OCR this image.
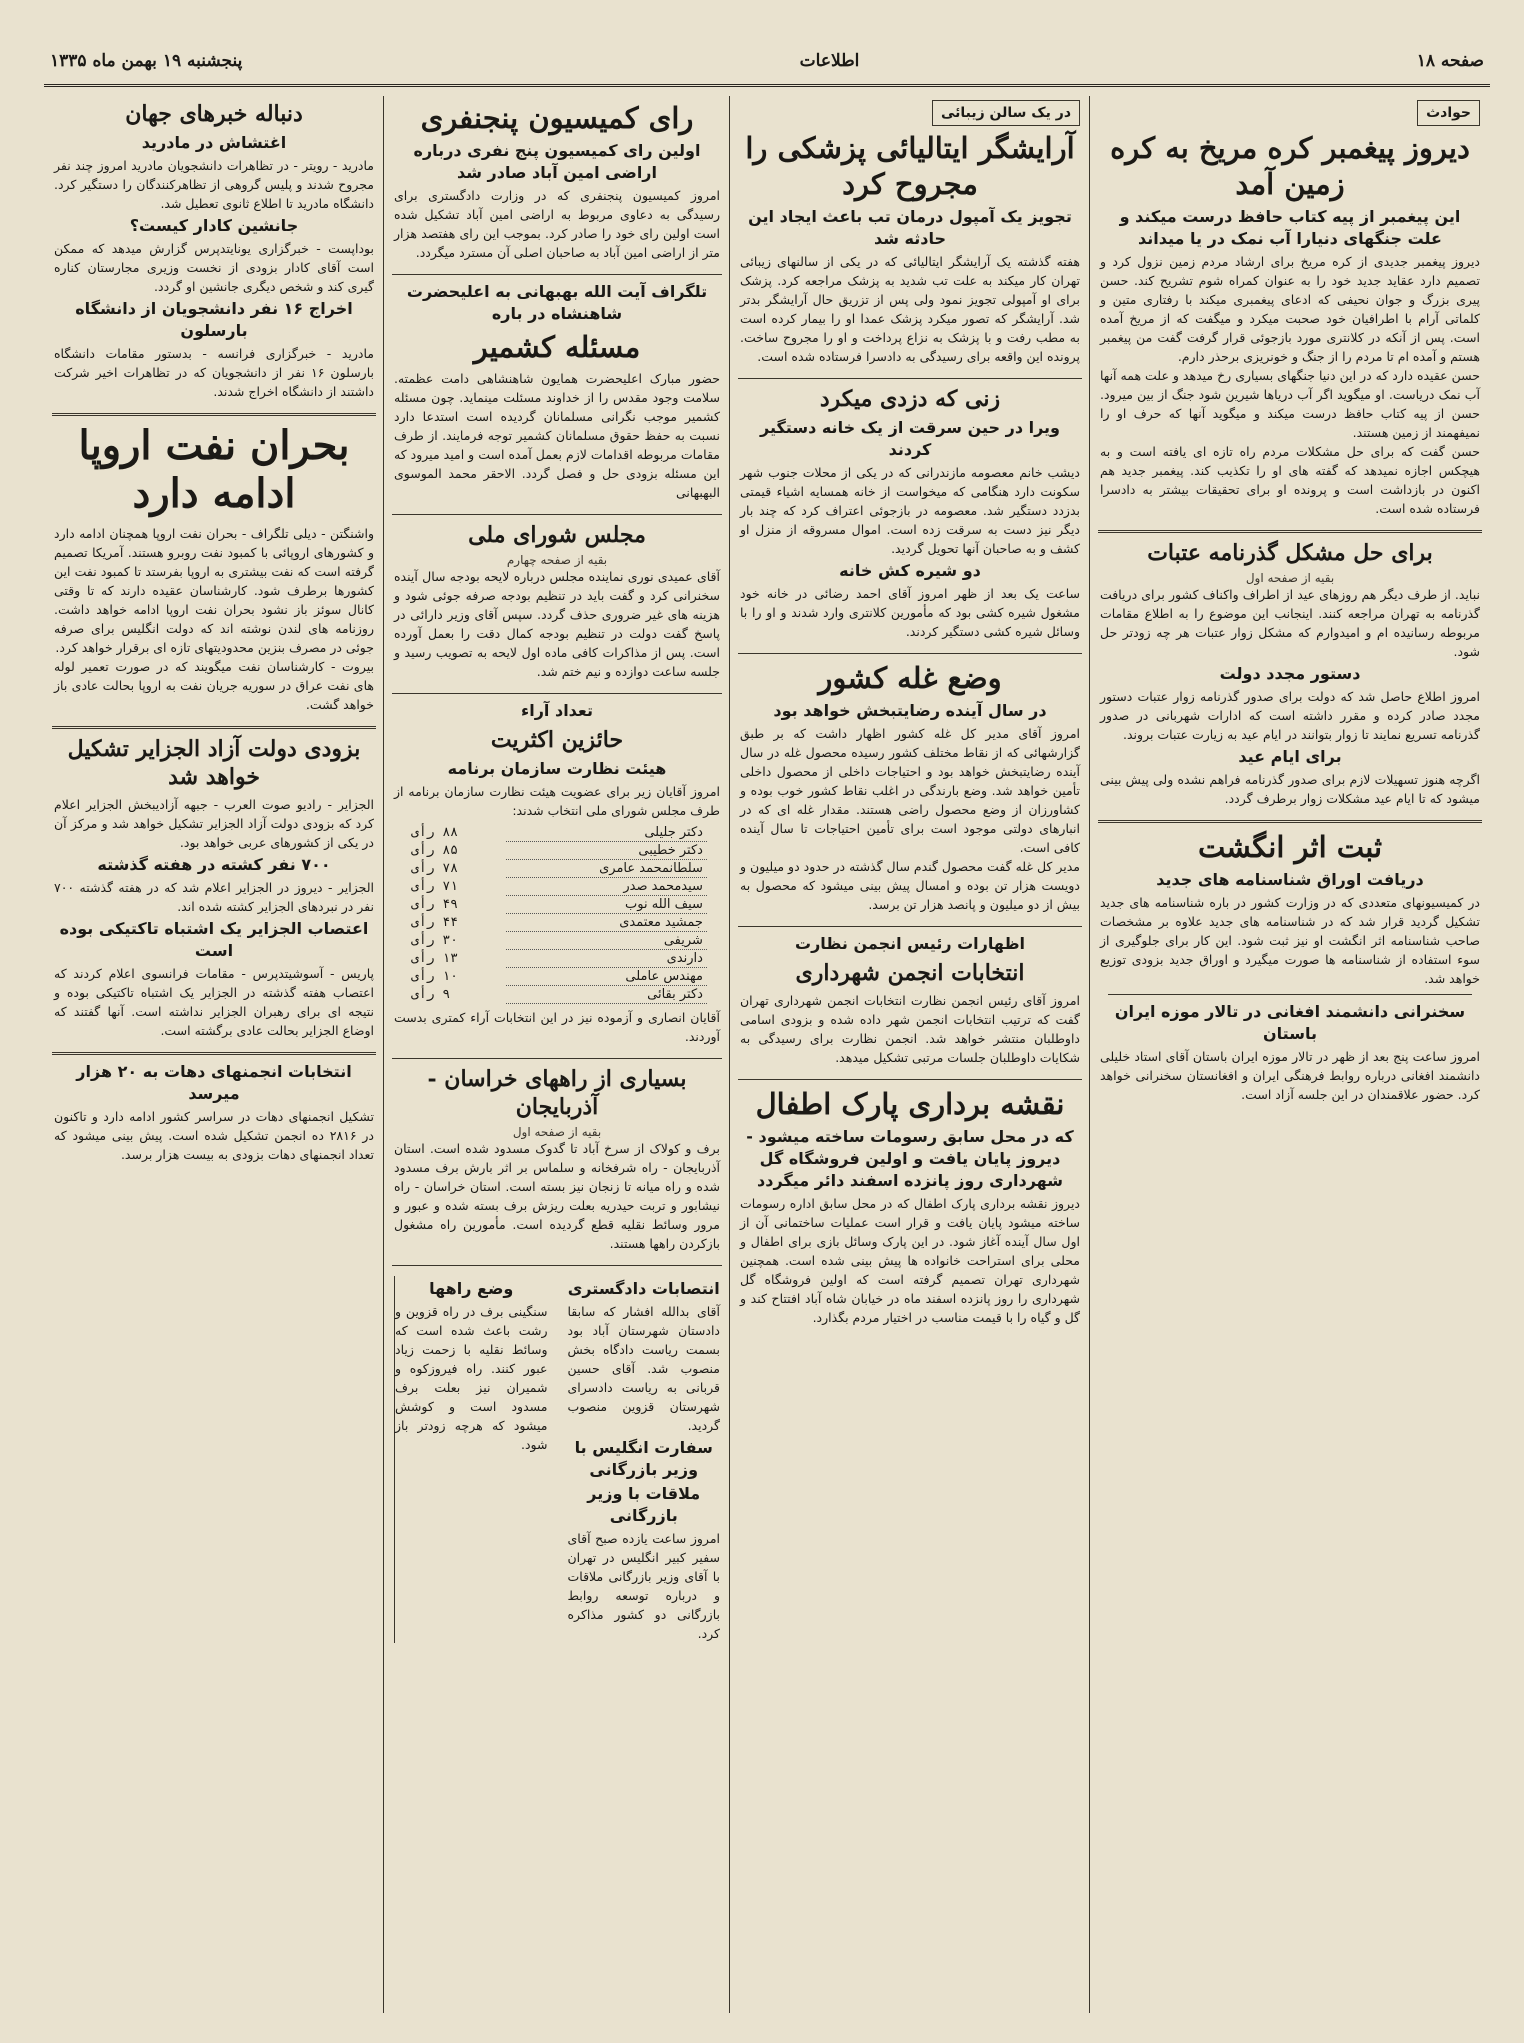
صفحه ۱۸
اطلاعات
پنجشنبه ۱۹ بهمن ماه ۱۳۳۵
حوادث
دیروز پیغمبر کره مریخ به کره زمین آمد
این پیغمبر از پیه کتاب حافظ درست میکند و علت جنگهای دنیارا آب نمک در یا میداند
دیروز پیغمبر جدیدی از کره مریخ برای ارشاد مردم زمین نزول کرد و تصمیم دارد عقاید جدید خود را به عنوان کمراه شوم تشریح کند. حسن پیری بزرگ و جوان نحیفی که ادعای پیغمبری میکند با رفتاری متین و کلماتی آرام با اطرافیان خود صحبت میکرد و میگفت که از مریخ آمده است. پس از آنکه در کلانتری مورد بازجوئی قرار گرفت گفت من پیغمبر هستم و آمده ام تا مردم را از جنگ و خونریزی برحذر دارم.
حسن عقیده دارد که در این دنیا جنگهای بسیاری رخ میدهد و علت همه آنها آب نمک دریاست. او میگوید اگر آب دریاها شیرین شود جنگ از بین میرود. حسن از پیه کتاب حافظ درست میکند و میگوید آنها که حرف او را نمیفهمند از زمین هستند.
حسن گفت که برای حل مشکلات مردم راه تازه ای یافته است و به هیچکس اجازه نمیدهد که گفته های او را تکذیب کند. پیغمبر جدید هم اکنون در بازداشت است و پرونده او برای تحقیقات بیشتر به دادسرا فرستاده شده است.
برای حل مشکل گذرنامه عتبات
بقیه از صفحه اول
نباید. از طرف دیگر هم روزهای عید از اطراف واکناف کشور برای دریافت گذرنامه به تهران مراجعه کنند. اینجانب این موضوع را به اطلاع مقامات مربوطه رسانیده ام و امیدوارم که مشکل زوار عتبات هر چه زودتر حل شود.
دستور مجدد دولت
امروز اطلاع حاصل شد که دولت برای صدور گذرنامه زوار عتبات دستور مجدد صادر کرده و مقرر داشته است که ادارات شهربانی در صدور گذرنامه تسریع نمایند تا زوار بتوانند در ایام عید به زیارت عتبات بروند.
برای ایام عید
اگرچه هنوز تسهیلات لازم برای صدور گذرنامه فراهم نشده ولی پیش بینی میشود که تا ایام عید مشکلات زوار برطرف گردد.
ثبت اثر انگشت
دریافت اوراق شناسنامه های جدید
در کمیسیونهای متعددی که در وزارت کشور در باره شناسنامه های جدید تشکیل گردید قرار شد که در شناسنامه های جدید علاوه بر مشخصات صاحب شناسنامه اثر انگشت او نیز ثبت شود. این کار برای جلوگیری از سوء استفاده از شناسنامه ها صورت میگیرد و اوراق جدید بزودی توزیع خواهد شد.
سخنرانی دانشمند افغانی در تالار موزه ایران باستان
امروز ساعت پنج بعد از ظهر در تالار موزه ایران باستان آقای استاد خلیلی دانشمند افغانی درباره روابط فرهنگی ایران و افغانستان سخنرانی خواهد کرد. حضور علاقمندان در این جلسه آزاد است.
در یک سالن زیبائی
آرایشگر ایتالیائی پزشکی را مجروح کرد
تجویز یک آمپول درمان تب باعث ایجاد این حادثه شد
هفته گذشته یک آرایشگر ایتالیائی که در یکی از سالنهای زیبائی تهران کار میکند به علت تب شدید به پزشک مراجعه کرد. پزشک برای او آمپولی تجویز نمود ولی پس از تزریق حال آرایشگر بدتر شد. آرایشگر که تصور میکرد پزشک عمدا او را بیمار کرده است به مطب رفت و با پزشک به نزاع پرداخت و او را مجروح ساخت. پرونده این واقعه برای رسیدگی به دادسرا فرستاده شده است.
زنی که دزدی میکرد
ویرا در حین سرقت از یک خانه دستگیر کردند
دیشب خانم معصومه مازندرانی که در یکی از محلات جنوب شهر سکونت دارد هنگامی که میخواست از خانه همسایه اشیاء قیمتی بدزدد دستگیر شد. معصومه در بازجوئی اعتراف کرد که چند بار دیگر نیز دست به سرقت زده است. اموال مسروقه از منزل او کشف و به صاحبان آنها تحویل گردید.
دو شیره کش خانه
ساعت یک بعد از ظهر امروز آقای احمد رضائی در خانه خود مشغول شیره کشی بود که مأمورین کلانتری وارد شدند و او را با وسائل شیره کشی دستگیر کردند.
وضع غله کشور
در سال آینده رضایتبخش خواهد بود
امروز آقای مدیر کل غله کشور اظهار داشت که بر طبق گزارشهائی که از نقاط مختلف کشور رسیده محصول غله در سال آینده رضایتبخش خواهد بود و احتیاجات داخلی از محصول داخلی تأمین خواهد شد. وضع بارندگی در اغلب نقاط کشور خوب بوده و کشاورزان از وضع محصول راضی هستند. مقدار غله ای که در انبارهای دولتی موجود است برای تأمین احتیاجات تا سال آینده کافی است.
مدیر کل غله گفت محصول گندم سال گذشته در حدود دو میلیون و دویست هزار تن بوده و امسال پیش بینی میشود که محصول به بیش از دو میلیون و پانصد هزار تن برسد.
اظهارات رئیس انجمن نظارت
انتخابات انجمن شهرداری
امروز آقای رئیس انجمن نظارت انتخابات انجمن شهرداری تهران گفت که ترتیب انتخابات انجمن شهر داده شده و بزودی اسامی داوطلبان منتشر خواهد شد. انجمن نظارت برای رسیدگی به شکایات داوطلبان جلسات مرتبی تشکیل میدهد.
نقشه برداری پارک اطفال
که در محل سابق رسومات ساخته میشود - دیروز پایان یافت و اولین فروشگاه گل شهرداری روز پانزده اسفند دائر میگردد
دیروز نقشه برداری پارک اطفال که در محل سابق اداره رسومات ساخته میشود پایان یافت و قرار است عملیات ساختمانی آن از اول سال آینده آغاز شود. در این پارک وسائل بازی برای اطفال و محلی برای استراحت خانواده ها پیش بینی شده است. همچنین شهرداری تهران تصمیم گرفته است که اولین فروشگاه گل شهرداری را روز پانزده اسفند ماه در خیابان شاه آباد افتتاح کند و گل و گیاه را با قیمت مناسب در اختیار مردم بگذارد.
رای کمیسیون پنجنفری
اولین رای کمیسیون پنج نفری درباره اراضی امین آباد صادر شد
امروز کمیسیون پنجنفری که در وزارت دادگستری برای رسیدگی به دعاوی مربوط به اراضی امین آباد تشکیل شده است اولین رای خود را صادر کرد. بموجب این رای هفتصد هزار متر از اراضی امین آباد به صاحبان اصلی آن مسترد میگردد.
تلگراف آیت الله بهبهانی به اعلیحضرت شاهنشاه در باره
مسئله کشمیر
حضور مبارک اعلیحضرت همایون شاهنشاهی دامت عظمته. سلامت وجود مقدس را از خداوند مسئلت مینماید. چون مسئله کشمیر موجب نگرانی مسلمانان گردیده است استدعا دارد نسبت به حفظ حقوق مسلمانان کشمیر توجه فرمایند. از طرف مقامات مربوطه اقدامات لازم بعمل آمده است و امید میرود که این مسئله بزودی حل و فصل گردد. الاحقر محمد الموسوی البهبهانی
مجلس شورای ملی
بقیه از صفحه چهارم
آقای عمیدی نوری نماینده مجلس درباره لایحه بودجه سال آینده سخنرانی کرد و گفت باید در تنظیم بودجه صرفه جوئی شود و هزینه های غیر ضروری حذف گردد. سپس آقای وزیر دارائی در پاسخ گفت دولت در تنظیم بودجه کمال دقت را بعمل آورده است. پس از مذاکرات کافی ماده اول لایحه به تصویب رسید و جلسه ساعت دوازده و نیم ختم شد.
تعداد آراء
حائزین اکثریت
هیئت نظارت سازمان برنامه
امروز آقایان زیر برای عضویت هیئت نظارت سازمان برنامه از طرف مجلس شورای ملی انتخاب شدند:
دکتر جلیلی	۸۸ رأی
دکتر خطیبی	۸۵ رأی
سلطانمحمد عامری	۷۸ رأی
سیدمحمد صدر	۷۱ رأی
سیف الله نوب	۴۹ رأی
جمشید معتمدی	۴۴ رأی
شریفی	۳۰ رأی
دارندی	۱۳ رأی
مهندس عاملی	۱۰ رأی
دکتر بقائی	۹ رأی
آقایان انصاری و آزموده نیز در این انتخابات آراء کمتری بدست آوردند.
بسیاری از راههای خراسان - آذربایجان
بقیه از صفحه اول
برف و کولاک از سرخ آباد تا گدوک مسدود شده است. استان آذربایجان - راه شرفخانه و سلماس بر اثر بارش برف مسدود شده و راه میانه تا زنجان نیز بسته است. استان خراسان - راه نیشابور و تربت حیدریه بعلت ریزش برف بسته شده و عبور و مرور وسائط نقلیه قطع گردیده است. مأمورین راه مشغول بازکردن راهها هستند.
انتصابات دادگستری
آقای بدالله افشار که سابقا دادستان شهرستان آباد بود بسمت ریاست دادگاه بخش منصوب شد. آقای حسین قربانی به ریاست دادسرای شهرستان قزوین منصوب گردید.
سفارت انگلیس با وزیر بازرگانی
ملاقات با وزیر بازرگانی
امروز ساعت یازده صبح آقای سفیر کبیر انگلیس در تهران با آقای وزیر بازرگانی ملاقات و درباره توسعه روابط بازرگانی دو کشور مذاکره کرد.
وضع راهها
سنگینی برف در راه قزوین و رشت باعث شده است که وسائط نقلیه با زحمت زیاد عبور کنند. راه فیروزکوه و شمیران نیز بعلت برف مسدود است و کوشش میشود که هرچه زودتر باز شود.
دنباله خبرهای جهان
اغتشاش در مادرید
مادرید - رویتر - در تظاهرات دانشجویان مادرید امروز چند نفر مجروح شدند و پلیس گروهی از تظاهرکنندگان را دستگیر کرد. دانشگاه مادرید تا اطلاع ثانوی تعطیل شد.
جانشین کادار کیست؟
بوداپست - خبرگزاری یونایتدپرس گزارش میدهد که ممکن است آقای کادار بزودی از نخست وزیری مجارستان کناره گیری کند و شخص دیگری جانشین او گردد.
اخراج ۱۶ نفر دانشجویان از دانشگاه بارسلون
مادرید - خبرگزاری فرانسه - بدستور مقامات دانشگاه بارسلون ۱۶ نفر از دانشجویان که در تظاهرات اخیر شرکت داشتند از دانشگاه اخراج شدند.
بحران نفت اروپا ادامه دارد
واشنگتن - دیلی تلگراف - بحران نفت اروپا همچنان ادامه دارد و کشورهای اروپائی با کمبود نفت روبرو هستند. آمریکا تصمیم گرفته است که نفت بیشتری به اروپا بفرستد تا کمبود نفت این کشورها برطرف شود. کارشناسان عقیده دارند که تا وقتی کانال سوئز باز نشود بحران نفت اروپا ادامه خواهد داشت. روزنامه های لندن نوشته اند که دولت انگلیس برای صرفه جوئی در مصرف بنزین محدودیتهای تازه ای برقرار خواهد کرد.
بیروت - کارشناسان نفت میگویند که در صورت تعمیر لوله های نفت عراق در سوریه جریان نفت به اروپا بحالت عادی باز خواهد گشت.
بزودی دولت آزاد الجزایر تشکیل خواهد شد
الجزایر - رادیو صوت العرب - جبهه آزادیبخش الجزایر اعلام کرد که بزودی دولت آزاد الجزایر تشکیل خواهد شد و مرکز آن در یکی از کشورهای عربی خواهد بود.
۷۰۰ نفر کشته در هفته گذشته
الجزایر - دیروز در الجزایر اعلام شد که در هفته گذشته ۷۰۰ نفر در نبردهای الجزایر کشته شده اند.
اعتصاب الجزایر یک اشتباه تاکتیکی بوده است
پاریس - آسوشیتدپرس - مقامات فرانسوی اعلام کردند که اعتصاب هفته گذشته در الجزایر یک اشتباه تاکتیکی بوده و نتیجه ای برای رهبران الجزایر نداشته است. آنها گفتند که اوضاع الجزایر بحالت عادی برگشته است.
انتخابات انجمنهای دهات به ۲۰ هزار میرسد
تشکیل انجمنهای دهات در سراسر کشور ادامه دارد و تاکنون در ۲۸۱۶ ده انجمن تشکیل شده است. پیش بینی میشود که تعداد انجمنهای دهات بزودی به بیست هزار برسد.
